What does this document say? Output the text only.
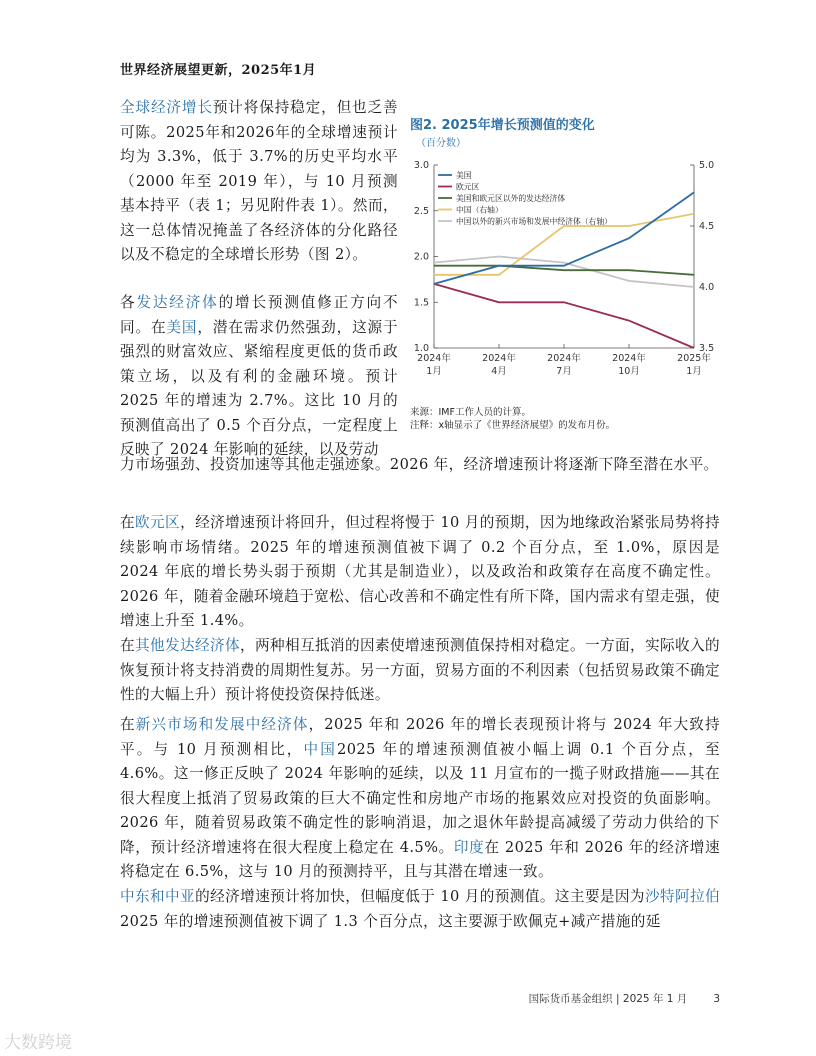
世界经济展望更新，2025年1月

全球经济增长预计将保持稳定，但也乏善可陈。2025年和2026年的全球增速预计均为 3.3%，低于 3.7%的历史平均水平（2000 年至 2019 年），与 10 月预测基本持平（表 1；另见附件表 1）。然而，这一总体情况掩盖了各经济体的分化路径以及不稳定的全球增长形势（图 2）。

各发达经济体的增长预测值修正方向不同。在美国，潜在需求仍然强劲，这源于强烈的财富效应、紧缩程度更低的货币政策立场，以及有利的金融环境。预计 2025 年的增速为 2.7%。这比 10 月的预测值高出了 0.5 个百分点，一定程度上反映了 2024 年影响的延续，以及劳动

力市场强劲、投资加速等其他走强迹象。2026 年，经济增速预计将逐渐下降至潜在水平。

在欧元区，经济增速预计将回升，但过程将慢于 10 月的预期，因为地缘政治紧张局势将持续影响市场情绪。2025 年的增速预测值被下调了 0.2 个百分点，至 1.0%，原因是 2024 年底的增长势头弱于预期（尤其是制造业），以及政治和政策存在高度不确定性。2026 年，随着金融环境趋于宽松、信心改善和不确定性有所下降，国内需求有望走强，使增速上升至 1.4%。

在其他发达经济体，两种相互抵消的因素使增速预测值保持相对稳定。一方面，实际收入的恢复预计将支持消费的周期性复苏。另一方面，贸易方面的不利因素（包括贸易政策不确定性的大幅上升）预计将使投资保持低迷。

在新兴市场和发展中经济体，2025 年和 2026 年的增长表现预计将与 2024 年大致持平。与 10 月预测相比，中国2025 年的增速预测值被小幅上调 0.1 个百分点，至 4.6%。这一修正反映了 2024 年影响的延续，以及 11 月宣布的一揽子财政措施——其在很大程度上抵消了贸易政策的巨大不确定性和房地产市场的拖累效应对投资的负面影响。2026 年，随着贸易政策不确定性的影响消退，加之退休年龄提高减缓了劳动力供给的下降，预计经济增速将在很大程度上稳定在 4.5%。印度在 2025 年和 2026 年的经济增速将稳定在 6.5%，这与 10 月的预测持平，且与其潜在增速一致。

中东和中亚的经济增速预计将加快，但幅度低于 10 月的预测值。这主要是因为沙特阿拉伯 2025 年的增速预测值被下调了 1.3 个百分点，这主要源于欧佩克+减产措施的延

图2. 2025年增长预测值的变化
（百分数）
1.0
1.5
2.0
2.5
3.0
3.5
4.0
4.5
5.0
2024年
1月
2024年
4月
2024年
7月
2024年
10月
2025年
1月
美国
欧元区
美国和欧元区以外的发达经济体
中国（右轴）
中国以外的新兴市场和发展中经济体（右轴）
来源：IMF工作人员的计算。
注释：x轴显示了《世界经济展望》的发布月份。
国际货币基金组织 | 2025 年 1 月 3
大数跨境
